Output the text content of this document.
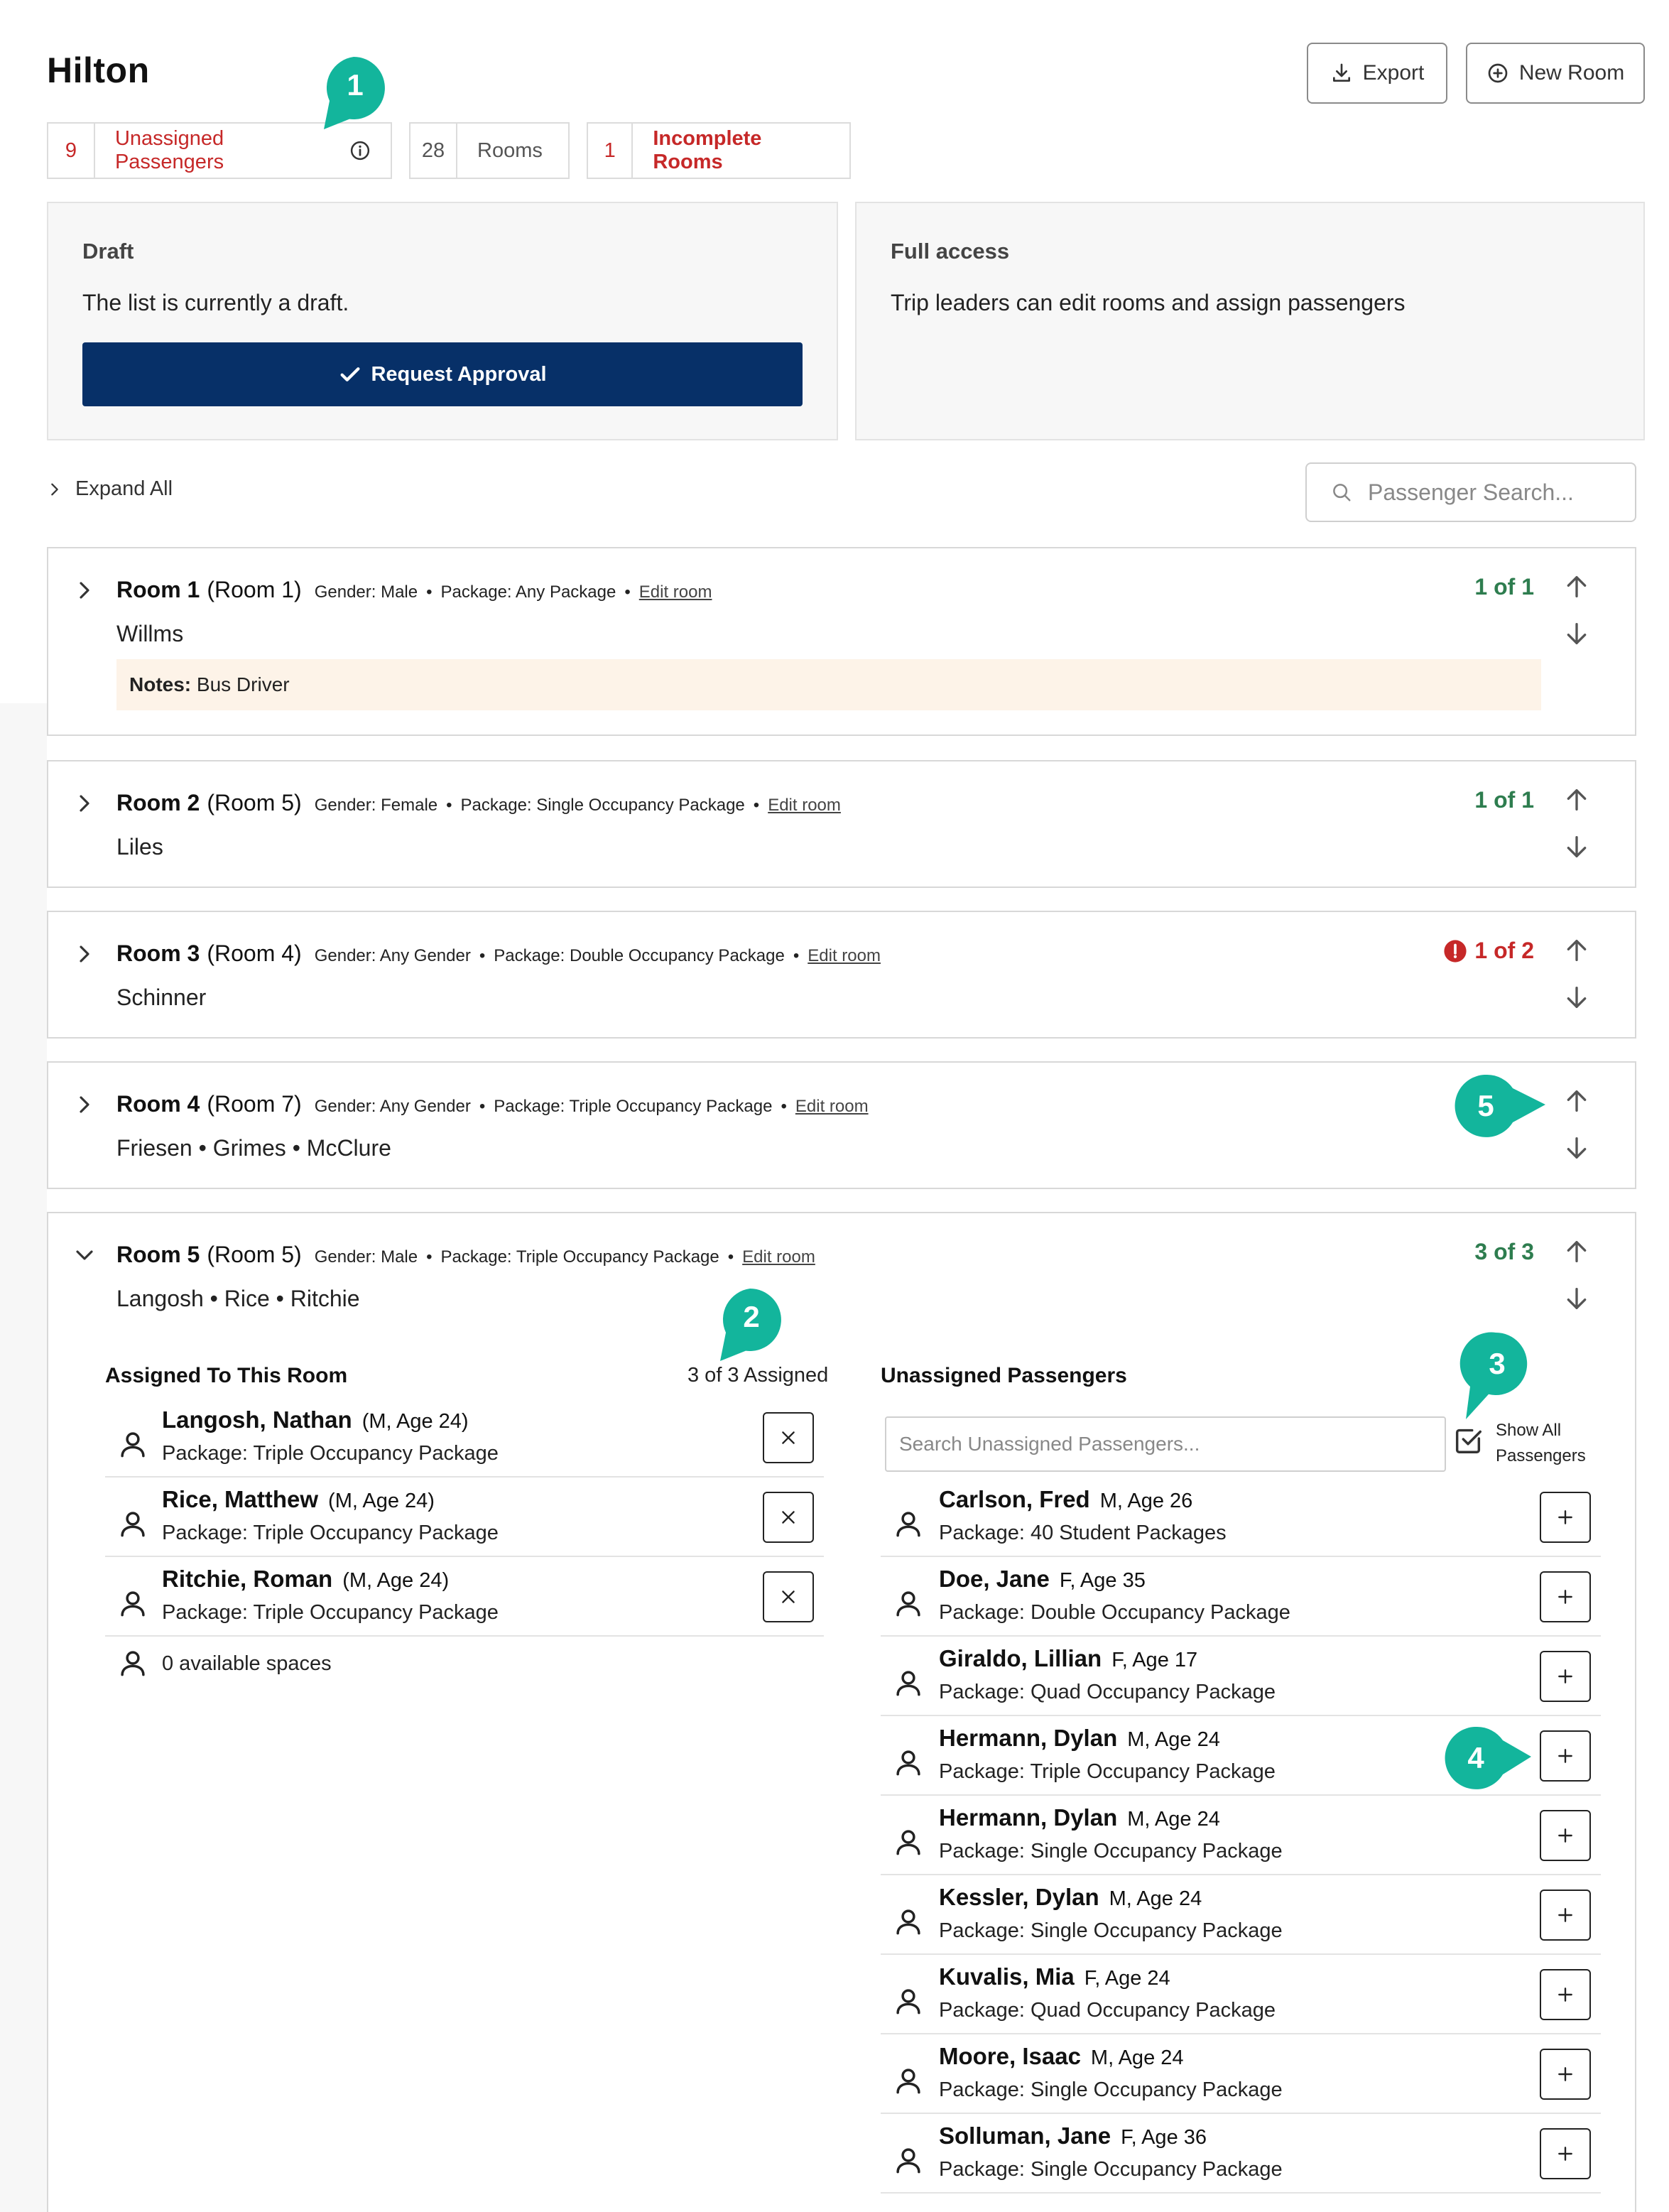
Hilton	Export	New Room
9
Unassigned Passengers
28	Rooms	1
Incomplete Rooms
Draft
The list is currently a draft.
Request Approval
Full access
Trip leaders can edit rooms and assign passengers
Expand All	Passenger Search...
Room 1 (Room 1) Gender: Male • Package: Any Package • Edit room	1 of 1
Willms
Notes:
Bus Driver
Room 2 (Room 5) Gender: Female • Package: Single Occupancy Package • Edit room	1 of 1
Liles
Room 3 (Room 4) Gender: Any Gender • Package: Double Occupancy Package • Edit room	1 of 2
Schinner
Room 4 (Room 7) Gender: Any Gender • Package: Triple Occupancy Package • Edit room
Friesen • Grimes • McClure
Room 5 (Room 5) Gender: Male • Package: Triple Occupancy Package • Edit room	3 of 3
Langosh • Rice • Ritchie
Assigned To This Room	3 of 3 Assigned
Langosh, Nathan (M, Age 24)
Package: Triple Occupancy Package
Rice, Matthew (M, Age 24)
Package: Triple Occupancy Package
Ritchie, Roman (M, Age 24)
Package: Triple Occupancy Package
0 available spaces
Unassigned Passengers
Search Unassigned Passengers...
Show All Passengers
Carlson, Fred M, Age 26
Package: 40 Student Packages
Doe, Jane F, Age 35
Package: Double Occupancy Package
Giraldo, Lillian F, Age 17
Package: Quad Occupancy Package
Hermann, Dylan M, Age 24
Package: Triple Occupancy Package
Hermann, Dylan M, Age 24
Package: Single Occupancy Package
Kessler, Dylan M, Age 24
Package: Single Occupancy Package
Kuvalis, Mia F, Age 24
Package: Quad Occupancy Package
Moore, Isaac M, Age 24
Package: Single Occupancy Package
Solluman, Jane F, Age 36
Package: Single Occupancy Package
1
2
3
4
5
